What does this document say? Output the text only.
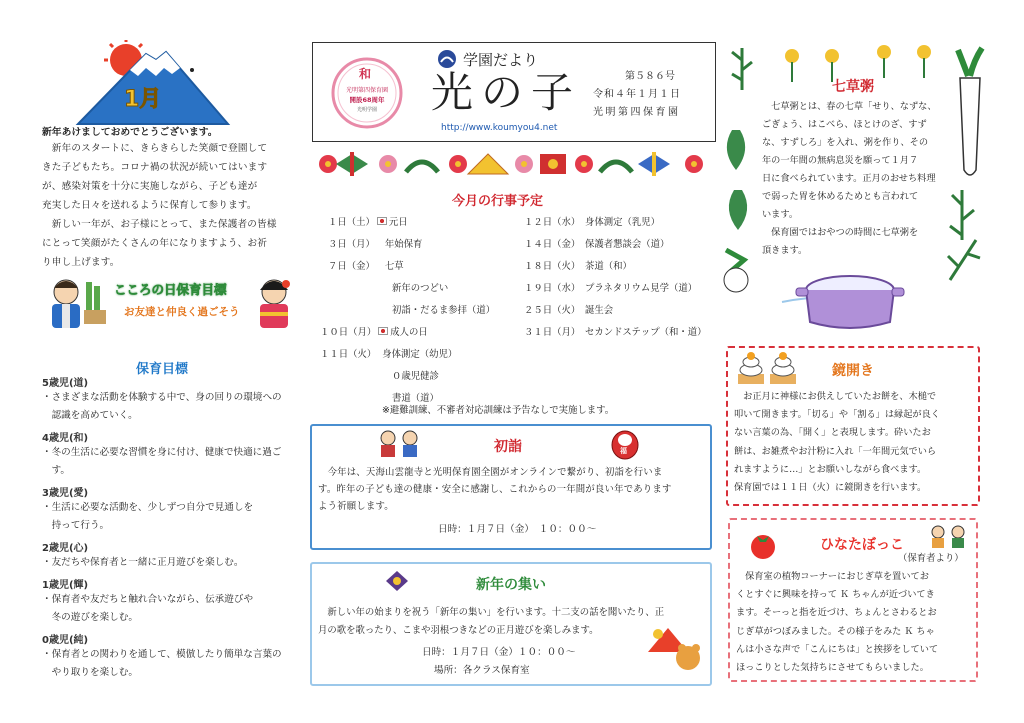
1月
新年あけましておめでとうございます。
　新年のスタートに、きらきらした笑顔で登園して
きた子どもたち。コロナ禍の状況が続いてはいます
が、感染対策を十分に実施しながら、子ども達が
充実した日々を送れるように保育して参ります。
　新しい一年が、お子様にとって、また保護者の皆様
にとって笑顔がたくさんの年になりますよう、お祈
り申し上げます。
こころの日保育目標
お友達と仲良く過ごそう
保育目標
5歳児(道)
・さまざまな活動を体験する中で、身の回りの環境への
　認識を高めていく。
4歳児(和)
・冬の生活に必要な習慣を身に付け、健康で快適に過ご
　す。
3歳児(愛)
・生活に必要な活動を、少しずつ自分で見通しを
　持って行う。
2歳児(心)
・友だちや保育者と一緒に正月遊びを楽しむ。
1歳児(輝)
・保育者や友だちと触れ合いながら、伝承遊びや
　冬の遊びを楽しむ。
0歳児(純)
・保育者との関わりを通して、模倣したり簡単な言葉の
　やり取りを楽しむ。
和
光明第四保育園
開設68周年
光明学園
学園だより
光の子	第５８６号
令和４年１月１日
光明第四保育園
http://www.koumyou4.net
今月の行事予定
１日（土） 元日
３日（月） 年始保育
７日（金） 七草
新年のつどい
初詣・だるま参拝（道）
１０日（月） 成人の日
１１日（火） 身体測定（幼児）
０歳児健診
書道（道）
１２日（水）　 身体測定（乳児）
１４日（金）　 保護者懇談会（道）
１８日（火）　 茶道（和）
１９日（水）　 プラネタリウム見学（道）
２５日（火）　 誕生会
３１日（月）　 セカンドステップ（和・道）
※避難訓練、不審者対応訓練は予告なしで実施します。
初詣	福
　今年は、天海山雲龍寺と光明保育園全園がオンラインで繋がり、初詣を行いま
す。昨年の子ども達の健康・安全に感謝し、これからの一年間が良い年であります
よう祈願します。
日時：１月７日（金）　１０：００〜
新年の集い
　新しい年の始まりを祝う「新年の集い」を行います。十二支の話を聞いたり、正
月の歌を歌ったり、こまや羽根つきなどの正月遊びを楽しみます。
日時：１月７日（金）１０：００〜
場所：各クラス保育室
七草粥
　七草粥とは、春の七草「せり、なずな、
ごぎょう、はこべら、ほとけのざ、すず
な、すずしろ」を入れ、粥を作り、その
年の一年間の無病息災を願って１月７
日に食べられています。正月のおせち料理
で弱った胃を休めるためとも言われて
います。
　保育園ではおやつの時間に七草粥を
頂きます。
鏡開き
　お正月に神様にお供えしていたお餅を、木槌で
叩いて開きます。「切る」や「割る」は縁起が良く
ない言葉の為、「開く」と表現します。砕いたお
餅は、お雑煮やお汁粉に入れ「一年間元気でいら
れますように…」とお願いしながら食べます。
保育園では１１日（火）に鏡開きを行います。
ひなたぼっこ
（保育者より）
　保育室の植物コーナーにおじぎ草を置いてお
くとすぐに興味を持って Ｋ ちゃんが近づいてき
ます。そーっと指を近づけ、ちょんとさわるとお
じぎ草がつぼみました。その様子をみた Ｋ ちゃ
んは小さな声で「こんにちは」と挨拶をしていて
ほっこりとした気持ちにさせてもらいました。
